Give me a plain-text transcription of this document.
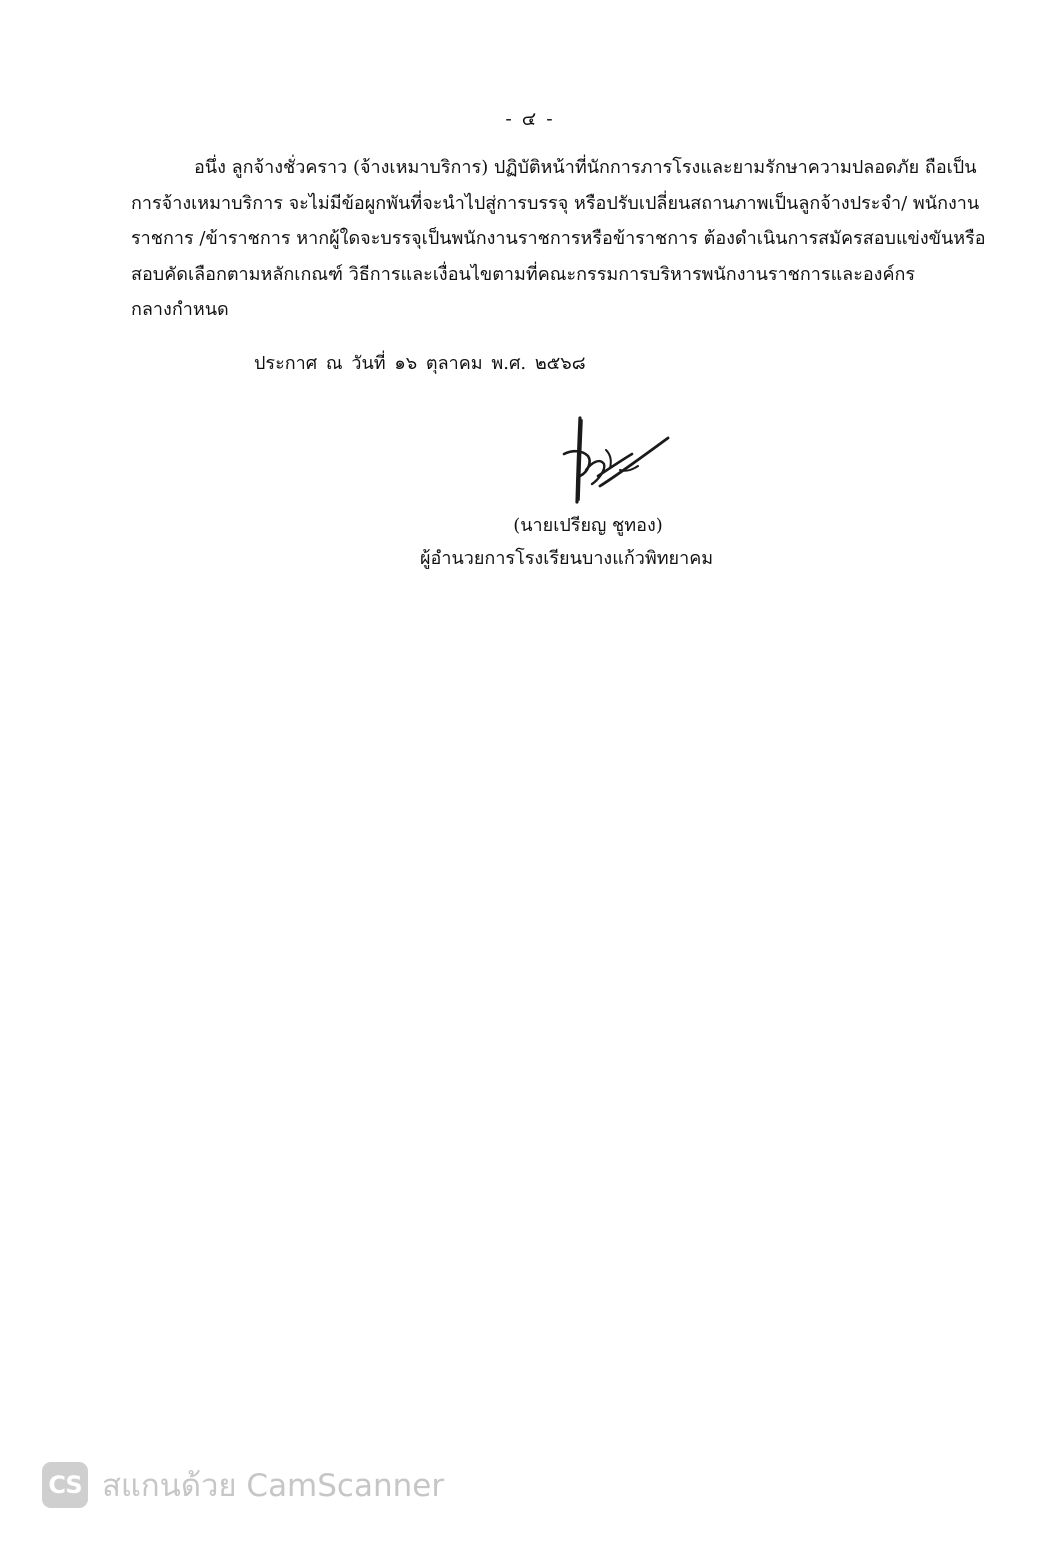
- ๔ -
อนึ่ง ลูกจ้างชั่วคราว (จ้างเหมาบริการ) ปฏิบัติหน้าที่นักการภารโรงและยามรักษาความปลอดภัย ถือเป็น
การจ้างเหมาบริการ จะไม่มีข้อผูกพันที่จะนำไปสู่การบรรจุ หรือปรับเปลี่ยนสถานภาพเป็นลูกจ้างประจำ/ พนักงาน
ราชการ /ข้าราชการ หากผู้ใดจะบรรจุเป็นพนักงานราชการหรือข้าราชการ ต้องดำเนินการสมัครสอบแข่งขันหรือ
สอบคัดเลือกตามหลักเกณฑ์ วิธีการและเงื่อนไขตามที่คณะกรรมการบริหารพนักงานราชการและองค์กร
กลางกำหนด
ประกาศ ณ วันที่ ๑๖ ตุลาคม พ.ศ. ๒๕๖๘
(นายเปรียญ ชูทอง)
ผู้อำนวยการโรงเรียนบางแก้วพิทยาคม
CS สแกนด้วย CamScanner
